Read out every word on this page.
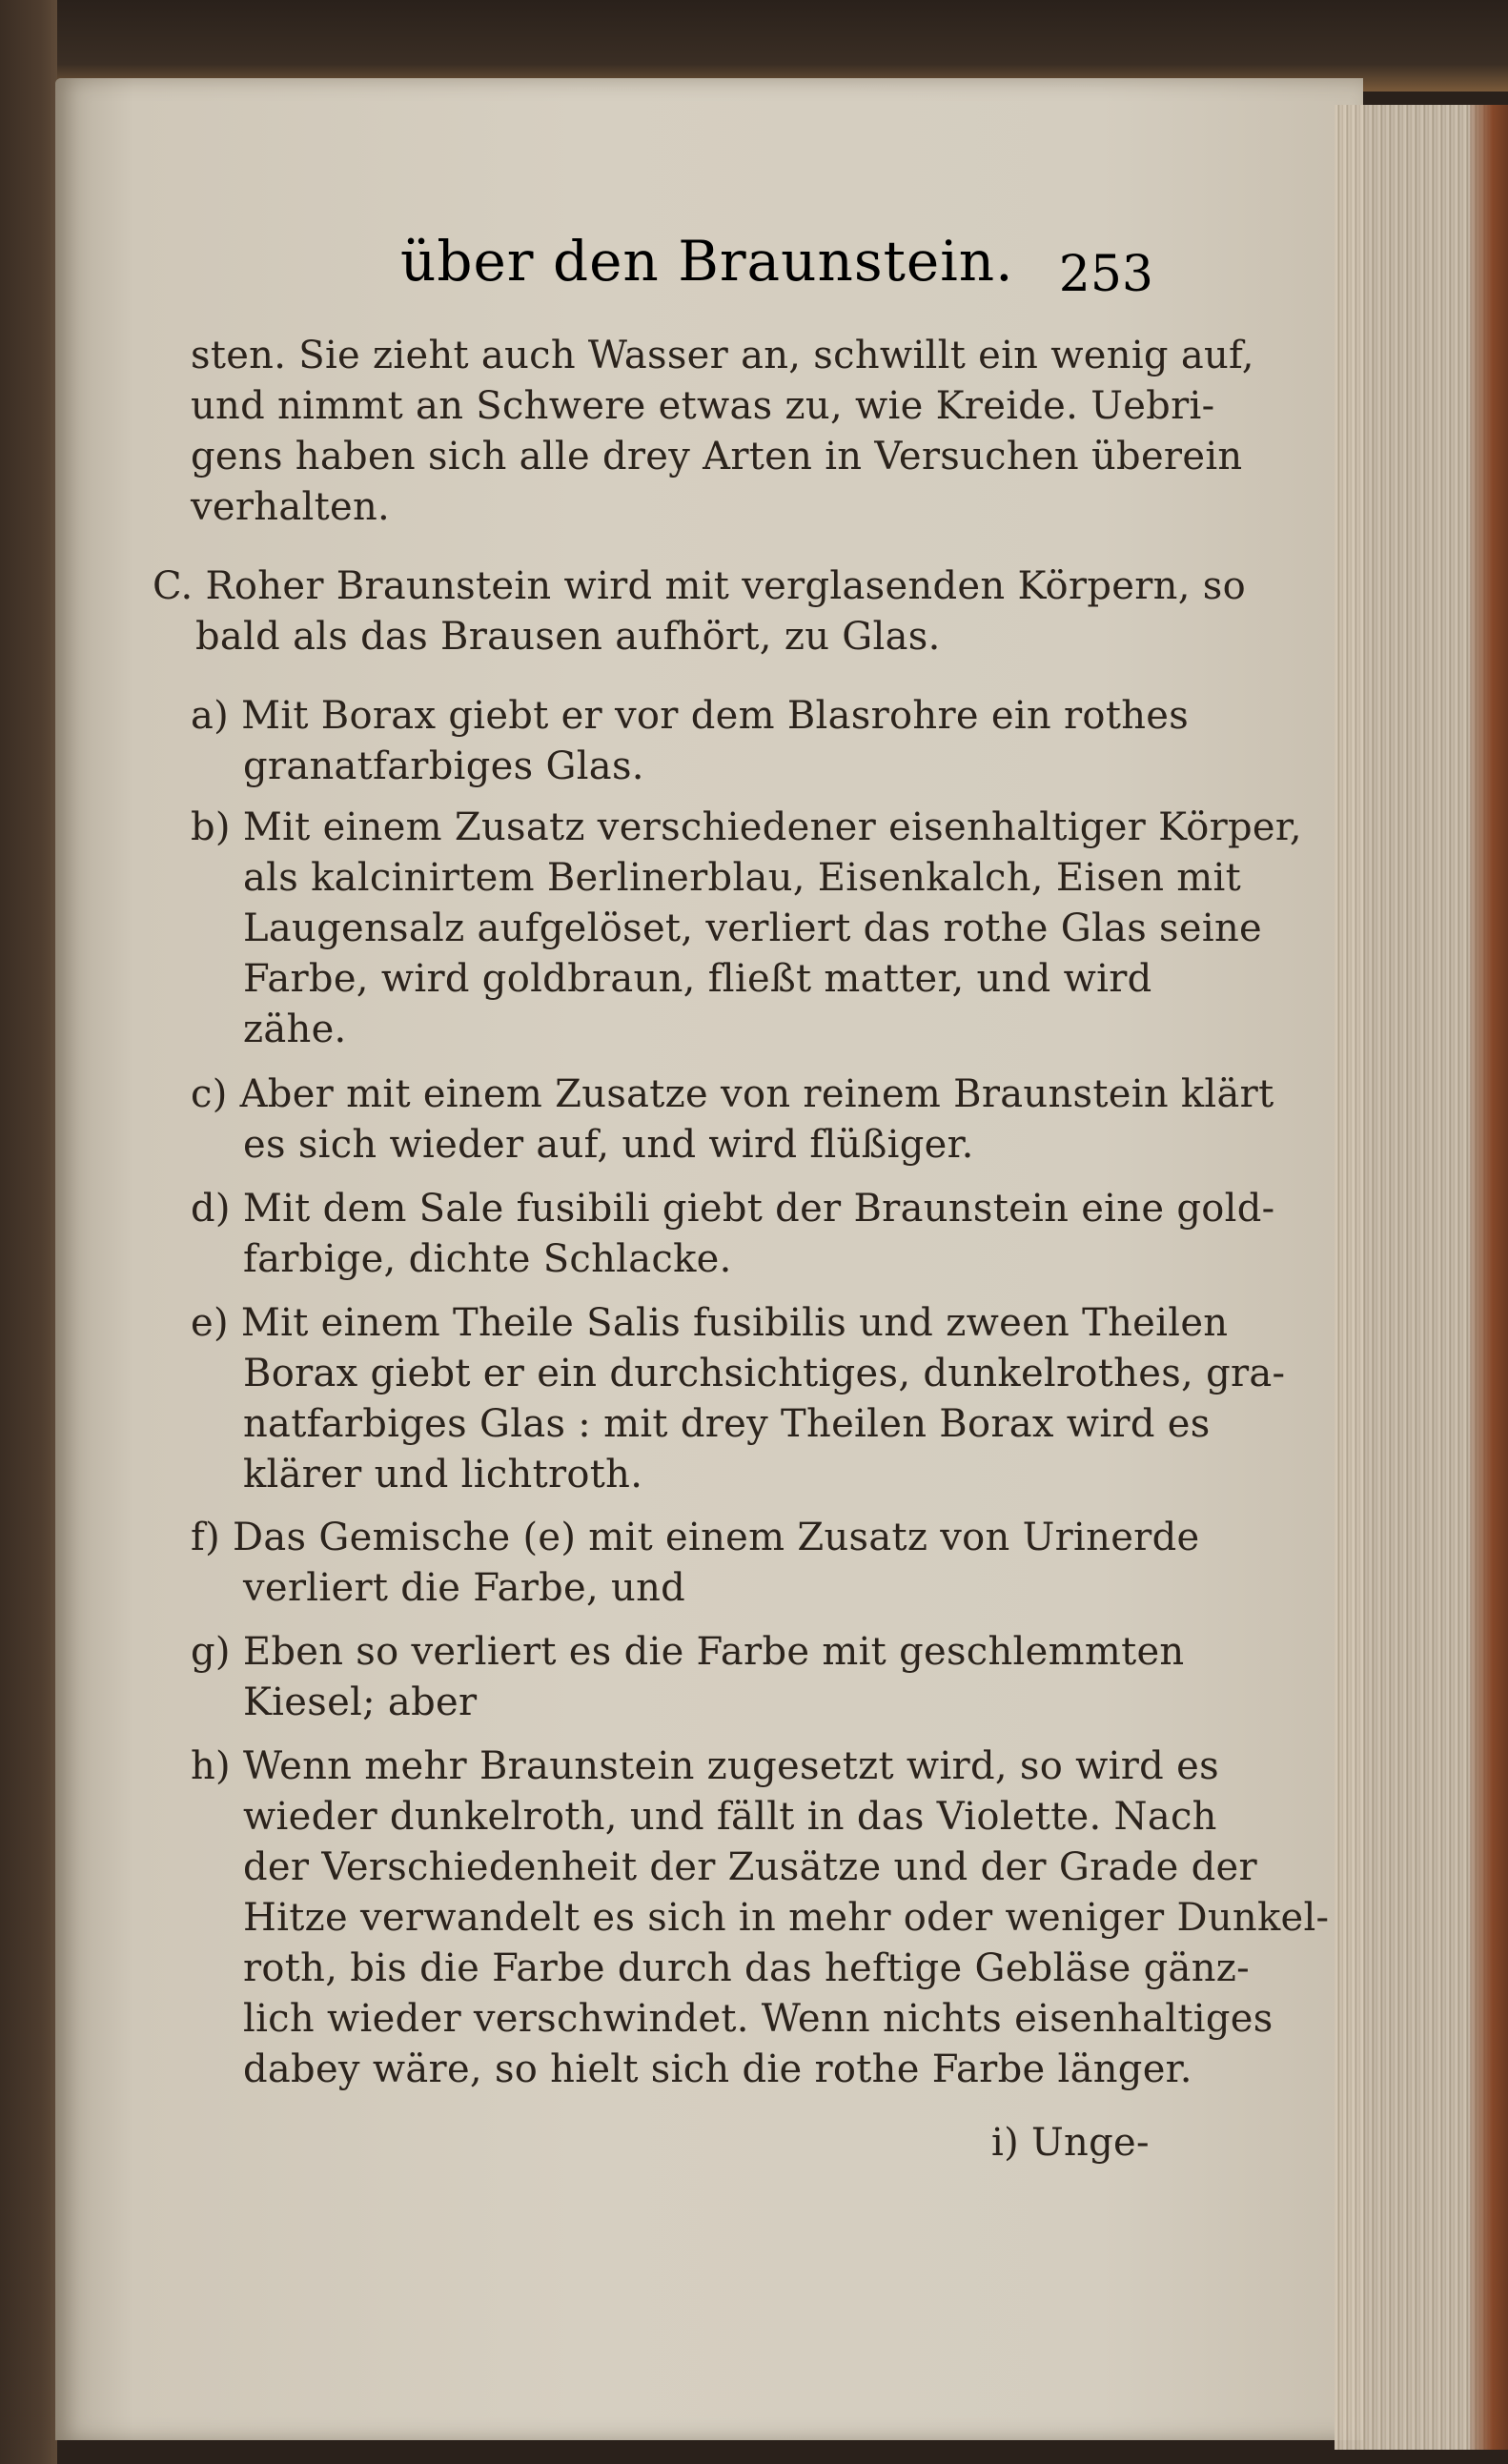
über den Braunstein. 253
sten. Sie zieht auch Wasser an, schwillt ein wenig auf,
und nimmt an Schwere etwas zu, wie Kreide. Uebri-
gens haben sich alle drey Arten in Versuchen überein
verhalten.
C. Roher Braunstein wird mit verglasenden Körpern, so
bald als das Brausen aufhört, zu Glas.
a) Mit Borax giebt er vor dem Blasrohre ein rothes
granatfarbiges Glas.
b) Mit einem Zusatz verschiedener eisenhaltiger Körper,
als kalcinirtem Berlinerblau, Eisenkalch, Eisen mit
Laugensalz aufgelöset, verliert das rothe Glas seine
Farbe, wird goldbraun, fließt matter, und wird
zähe.
c) Aber mit einem Zusatze von reinem Braunstein klärt
es sich wieder auf, und wird flüßiger.
d) Mit dem Sale fusibili giebt der Braunstein eine gold-
farbige, dichte Schlacke.
e) Mit einem Theile Salis fusibilis und zween Theilen
Borax giebt er ein durchsichtiges, dunkelrothes, gra-
natfarbiges Glas : mit drey Theilen Borax wird es
klärer und lichtroth.
f) Das Gemische (e) mit einem Zusatz von Urinerde
verliert die Farbe, und
g) Eben so verliert es die Farbe mit geschlemmten
Kiesel; aber
h) Wenn mehr Braunstein zugesetzt wird, so wird es
wieder dunkelroth, und fällt in das Violette. Nach
der Verschiedenheit der Zusätze und der Grade der
Hitze verwandelt es sich in mehr oder weniger Dunkel-
roth, bis die Farbe durch das heftige Gebläse gänz-
lich wieder verschwindet. Wenn nichts eisenhaltiges
dabey wäre, so hielt sich die rothe Farbe länger.
i) Unge-
